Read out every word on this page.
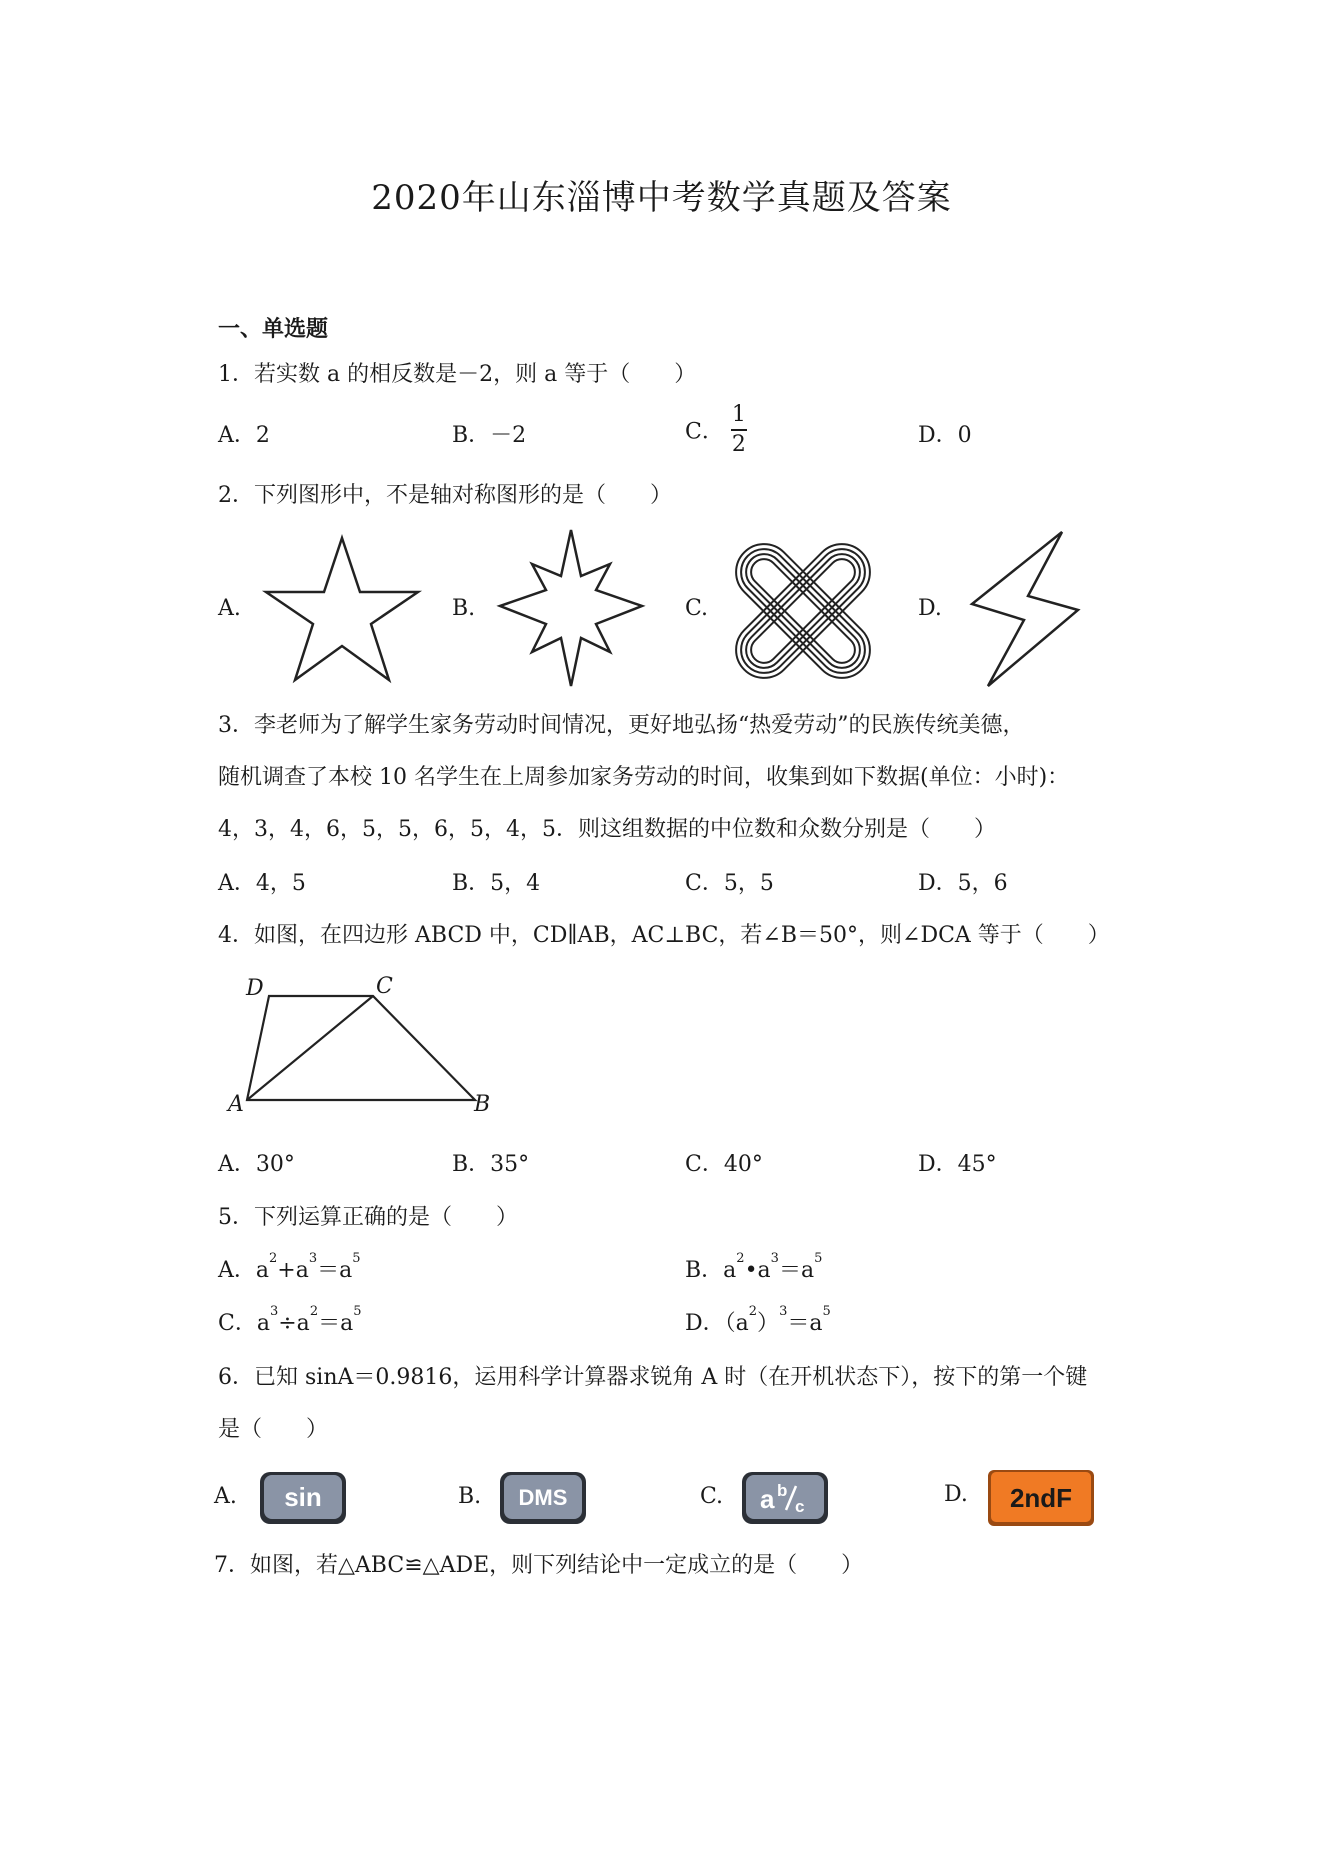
2020年山东淄博中考数学真题及答案
一、单选题
1．若实数 a 的相反数是－2，则 a 等于（　　）
A．2	B．－2	C． $\frac{1}{2}$	D．0
2．下列图形中，不是轴对称图形的是（　　）
A.	B.	C.	D.
3．李老师为了解学生家务劳动时间情况，更好地弘扬“热爱劳动”的民族传统美德，
随机调查了本校 10 名学生在上周参加家务劳动的时间，收集到如下数据(单位：小时)：
4，3，4，6，5，5，6，5，4，5．则这组数据的中位数和众数分别是（　　）
A．4，5	B．5，4	C．5，5	D．5，6
4．如图，在四边形 ABCD 中，CD∥AB，AC⊥BC，若∠B＝50°，则∠DCA 等于（　　）
D	C
A	B
A．30°	B．35°	C．40°	D．45°
5．下列运算正确的是（　　）
A．$a^2+a^3=a^5$	B．$a^2•a^3=a^5$
C．$a^3\div a^2=a^5$	D．$(a^2)^3=a^5$
6．已知 sinA＝0.9816，运用科学计算器求锐角 A 时（在开机状态下），按下的第一个键
是（　　）
A.	B.	C.	D.
sin	DMS	a b
c	2ndF
7．如图，若△ABC≌△ADE，则下列结论中一定成立的是（　　）
